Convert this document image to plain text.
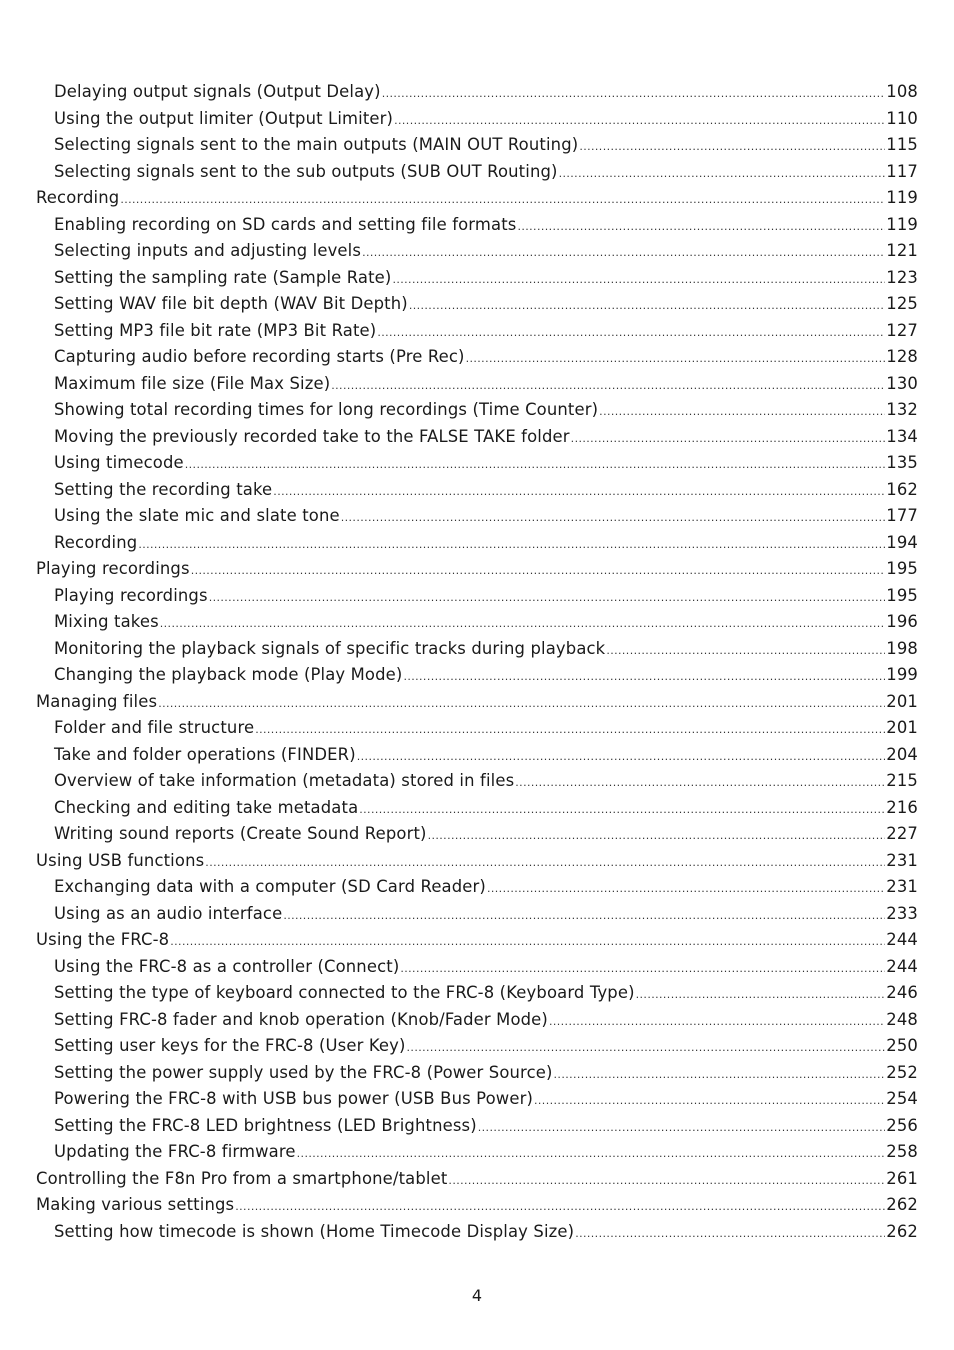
Delaying output signals (Output Delay) .....	108
Using the output limiter (Output Limiter) .....	110
Selecting signals sent to the main outputs (MAIN OUT Routing) .....	115
Selecting signals sent to the sub outputs (SUB OUT Routing) .....	117
Recording .....	119
Enabling recording on SD cards and setting file formats .....	119
Selecting inputs and adjusting levels .....	121
Setting the sampling rate (Sample Rate) .....	123
Setting WAV file bit depth (WAV Bit Depth) .....	125
Setting MP3 file bit rate (MP3 Bit Rate) .....	127
Capturing audio before recording starts (Pre Rec) .....	128
Maximum file size (File Max Size) .....	130
Showing total recording times for long recordings (Time Counter) .....	132
Moving the previously recorded take to the FALSE TAKE folder .....	134
Using timecode .....	135
Setting the recording take .....	162
Using the slate mic and slate tone .....	177
Recording .....	194
Playing recordings .....	195
Playing recordings .....	195
Mixing takes .....	196
Monitoring the playback signals of specific tracks during playback .....	198
Changing the playback mode (Play Mode) .....	199
Managing files .....	201
Folder and file structure .....	201
Take and folder operations (FINDER) .....	204
Overview of take information (metadata) stored in files .....	215
Checking and editing take metadata .....	216
Writing sound reports (Create Sound Report) .....	227
Using USB functions .....	231
Exchanging data with a computer (SD Card Reader) .....	231
Using as an audio interface .....	233
Using the FRC-8 .....	244
Using the FRC-8 as a controller (Connect) .....	244
Setting the type of keyboard connected to the FRC-8 (Keyboard Type) .....	246
Setting FRC-8 fader and knob operation (Knob/Fader Mode) .....	248
Setting user keys for the FRC-8 (User Key) .....	250
Setting the power supply used by the FRC-8 (Power Source) .....	252
Powering the FRC-8 with USB bus power (USB Bus Power) .....	254
Setting the FRC-8 LED brightness (LED Brightness) .....	256
Updating the FRC-8 firmware .....	258
Controlling the F8n Pro from a smartphone/tablet .....	261
Making various settings .....	262
Setting how timecode is shown (Home Timecode Display Size) .....	262
4
